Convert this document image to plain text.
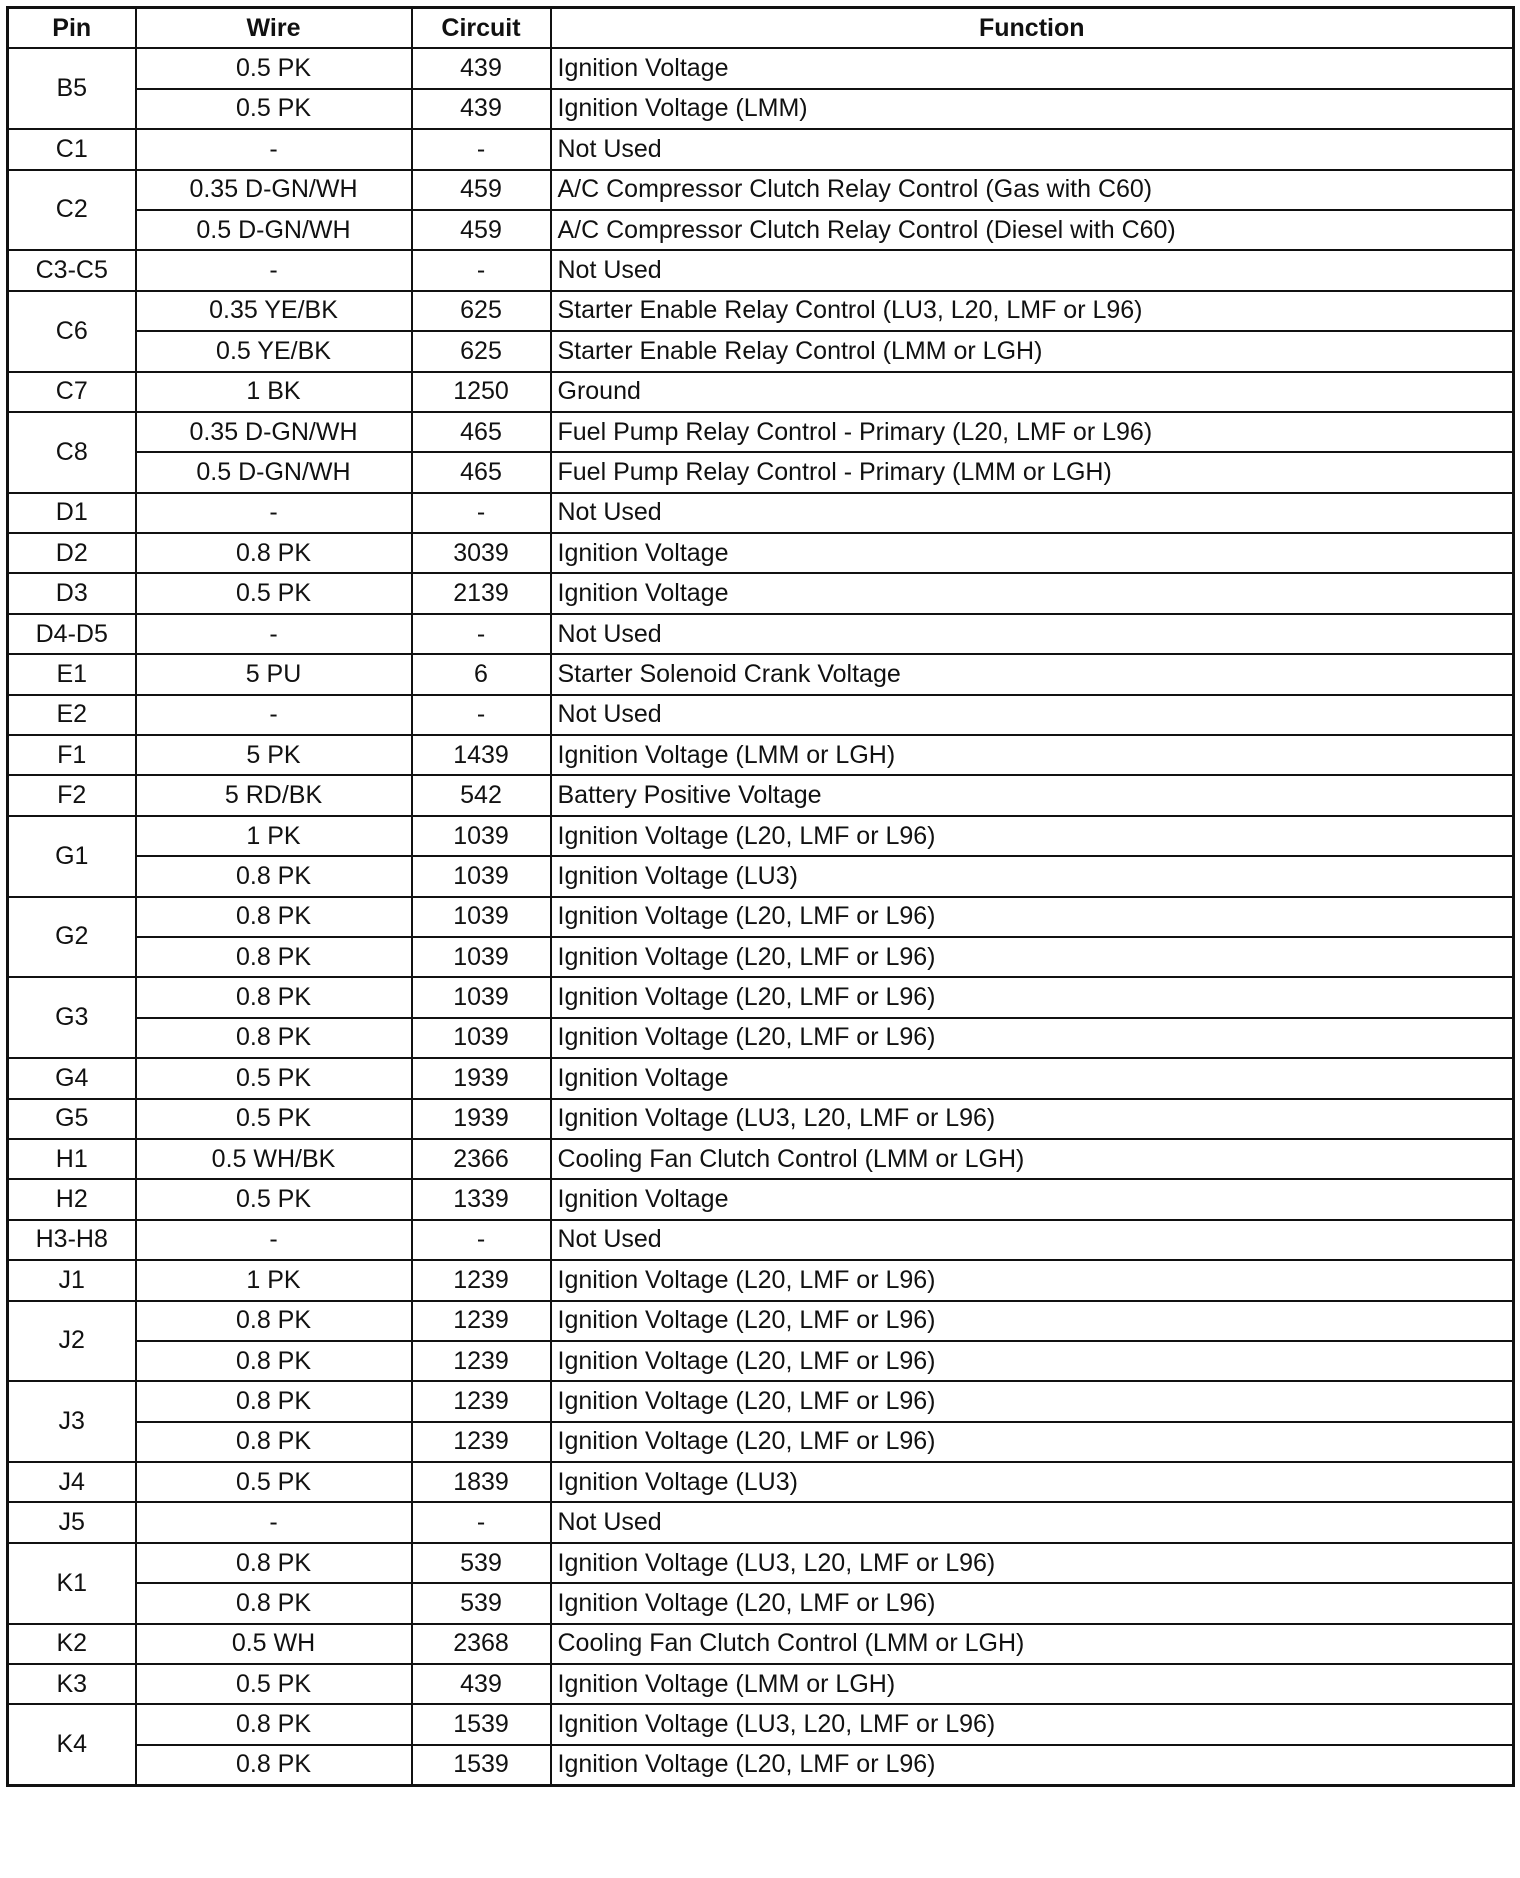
Pin	Wire	Circuit	Function
B5	0.5 PK	439	Ignition Voltage
	0.5 PK	439	Ignition Voltage (LMM)
C1	-	-	Not Used
C2	0.35 D-GN/WH	459	A/C Compressor Clutch Relay Control (Gas with C60)
	0.5 D-GN/WH	459	A/C Compressor Clutch Relay Control (Diesel with C60)
C3-C5	-	-	Not Used
C6	0.35 YE/BK	625	Starter Enable Relay Control (LU3, L20, LMF or L96)
	0.5 YE/BK	625	Starter Enable Relay Control (LMM or LGH)
C7	1 BK	1250	Ground
C8	0.35 D-GN/WH	465	Fuel Pump Relay Control - Primary (L20, LMF or L96)
	0.5 D-GN/WH	465	Fuel Pump Relay Control - Primary (LMM or LGH)
D1	-	-	Not Used
D2	0.8 PK	3039	Ignition Voltage
D3	0.5 PK	2139	Ignition Voltage
D4-D5	-	-	Not Used
E1	5 PU	6	Starter Solenoid Crank Voltage
E2	-	-	Not Used
F1	5 PK	1439	Ignition Voltage (LMM or LGH)
F2	5 RD/BK	542	Battery Positive Voltage
G1	1 PK	1039	Ignition Voltage (L20, LMF or L96)
	0.8 PK	1039	Ignition Voltage (LU3)
G2	0.8 PK	1039	Ignition Voltage (L20, LMF or L96)
	0.8 PK	1039	Ignition Voltage (L20, LMF or L96)
G3	0.8 PK	1039	Ignition Voltage (L20, LMF or L96)
	0.8 PK	1039	Ignition Voltage (L20, LMF or L96)
G4	0.5 PK	1939	Ignition Voltage
G5	0.5 PK	1939	Ignition Voltage (LU3, L20, LMF or L96)
H1	0.5 WH/BK	2366	Cooling Fan Clutch Control (LMM or LGH)
H2	0.5 PK	1339	Ignition Voltage
H3-H8	-	-	Not Used
J1	1 PK	1239	Ignition Voltage (L20, LMF or L96)
J2	0.8 PK	1239	Ignition Voltage (L20, LMF or L96)
	0.8 PK	1239	Ignition Voltage (L20, LMF or L96)
J3	0.8 PK	1239	Ignition Voltage (L20, LMF or L96)
	0.8 PK	1239	Ignition Voltage (L20, LMF or L96)
J4	0.5 PK	1839	Ignition Voltage (LU3)
J5	-	-	Not Used
K1	0.8 PK	539	Ignition Voltage (LU3, L20, LMF or L96)
	0.8 PK	539	Ignition Voltage (L20, LMF or L96)
K2	0.5 WH	2368	Cooling Fan Clutch Control (LMM or LGH)
K3	0.5 PK	439	Ignition Voltage (LMM or LGH)
K4	0.8 PK	1539	Ignition Voltage (LU3, L20, LMF or L96)
	0.8 PK	1539	Ignition Voltage (L20, LMF or L96)
